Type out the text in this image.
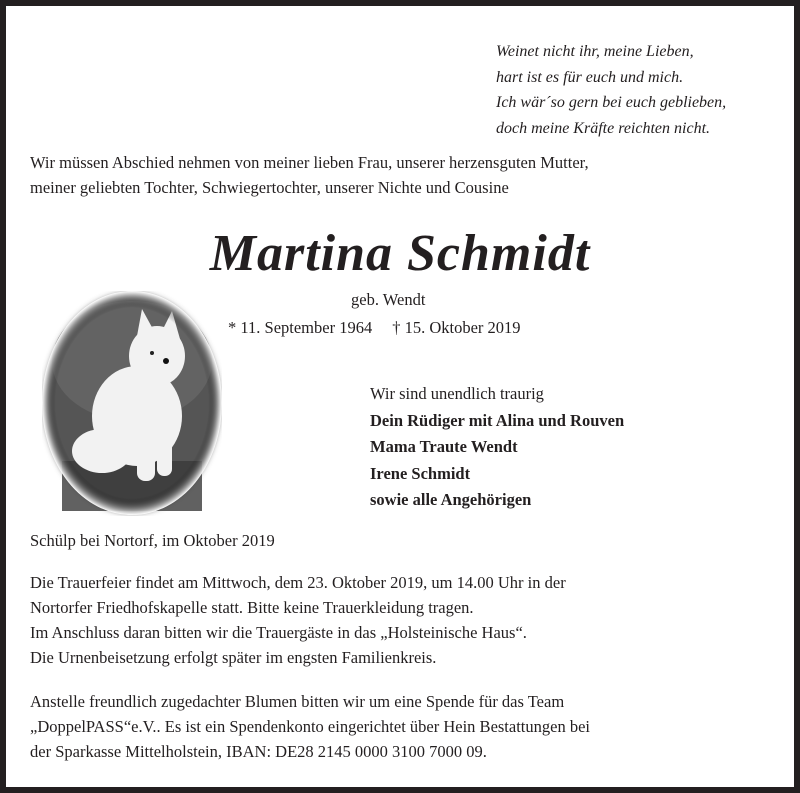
Weinet nicht ihr, meine Lieben,
hart ist es für euch und mich.
Ich wär´so gern bei euch geblieben,
doch meine Kräfte reichten nicht.
Wir müssen Abschied nehmen von meiner lieben Frau, unserer herzensguten Mutter,
meiner geliebten Tochter, Schwiegertochter, unserer Nichte und Cousine
Martina Schmidt
geb. Wendt
* 11. September 1964 † 15. Oktober 2019
Wir sind unendlich traurig
Dein Rüdiger mit Alina und Rouven
Mama Traute Wendt
Irene Schmidt
sowie alle Angehörigen
Schülp bei Nortorf, im Oktober 2019
Die Trauerfeier findet am Mittwoch, dem 23. Oktober 2019, um 14.00 Uhr in der
Nortorfer Friedhofskapelle statt. Bitte keine Trauerkleidung tragen.
Im Anschluss daran bitten wir die Trauergäste in das „Holsteinische Haus“.
Die Urnenbeisetzung erfolgt später im engsten Familienkreis.
Anstelle freundlich zugedachter Blumen bitten wir um eine Spende für das Team
„DoppelPASS“e.V.. Es ist ein Spendenkonto eingerichtet über Hein Bestattungen bei
der Sparkasse Mittelholstein, IBAN: DE28 2145 0000 3100 7000 09.
